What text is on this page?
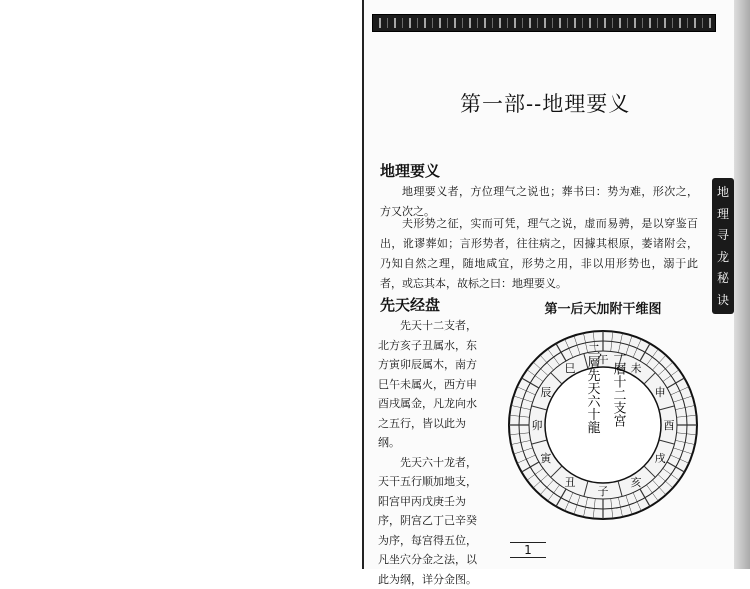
地
理
寻
龙
秘
诀
第一部--地理要义
地理要义

地理要义者，方位理气之说也；葬书曰：势为难，形次之，方又次之。

夫形势之征，实而可凭，理气之说，虚而易骋，是以穿鉴百出，讹谬葬如；言形势者，往往病之，因據其根原，萎诸附会，乃知自然之理，随地咸宜，形势之用，非以用形势也，溺于此者，或忘其本，故标之曰：地理要义。

先天经盘

先天十二支者，北方亥子丑属水，东方寅卯辰属木，南方巳午未属火，西方申酉戌属金，凡龙向水之五行，皆以此为纲。

先天六十龙者，天干五行顺加地支，阳宫甲丙戊庚壬为序，阴宫乙丁己辛癸为序，每宫得五位，凡坐穴分金之法，以此为纲，详分金图。

第一后天加附干维图
子
丑
寅
卯
辰
巳
午
未
申
酉
戌
亥
一層十二支宮
二層先天六十龍
1
